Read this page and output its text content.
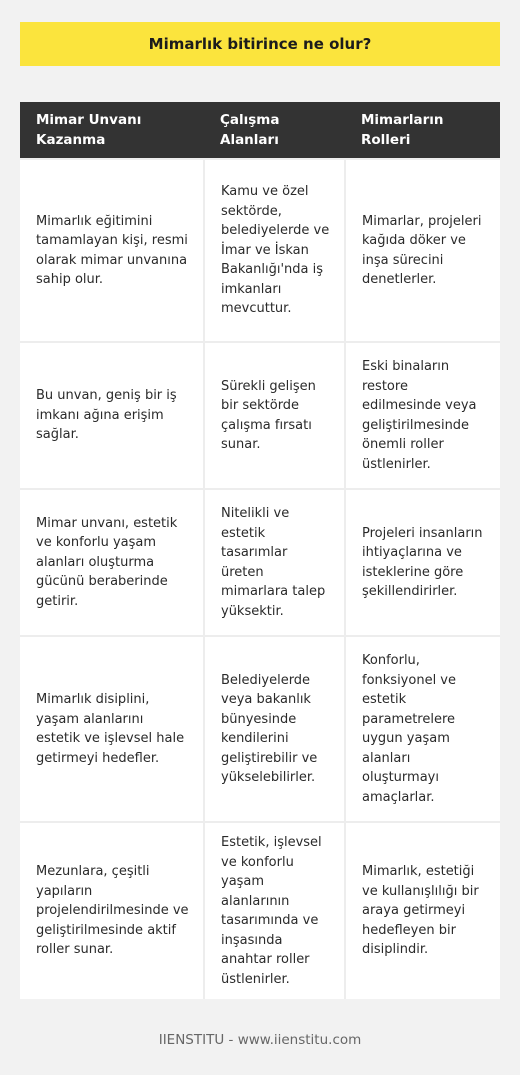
Mimarlık bitirince ne olur?
Mimar Unvanı Kazanma	Çalışma Alanları	Mimarların Rolleri
Mimarlık eğitimini tamamlayan kişi, resmi olarak mimar unvanına sahip olur.	Kamu ve özel sektörde, belediyelerde ve İmar ve İskan Bakanlığı'nda iş imkanları mevcuttur.	Mimarlar, projeleri kağıda döker ve inşa sürecini denetlerler.
Bu unvan, geniş bir iş imkanı ağına erişim sağlar.	Sürekli gelişen bir sektörde çalışma fırsatı sunar.	Eski binaların restore edilmesinde veya geliştirilmesinde önemli roller üstlenirler.
Mimar unvanı, estetik ve konforlu yaşam alanları oluşturma gücünü beraberinde getirir.	Nitelikli ve estetik tasarımlar üreten mimarlara talep yüksektir.	Projeleri insanların ihtiyaçlarına ve isteklerine göre şekillendirirler.
Mimarlık disiplini, yaşam alanlarını estetik ve işlevsel hale getirmeyi hedefler.	Belediyelerde veya bakanlık bünyesinde kendilerini geliştirebilir ve yükselebilirler.	Konforlu, fonksiyonel ve estetik parametrelere uygun yaşam alanları oluşturmayı amaçlarlar.
Mezunlara, çeşitli yapıların projelendirilmesinde ve geliştirilmesinde aktif roller sunar.	Estetik, işlevsel ve konforlu yaşam alanlarının tasarımında ve inşasında anahtar roller üstlenirler.	Mimarlık, estetiği ve kullanışlılığı bir araya getirmeyi hedefleyen bir disiplindir.
IIENSTITU - www.iienstitu.com
